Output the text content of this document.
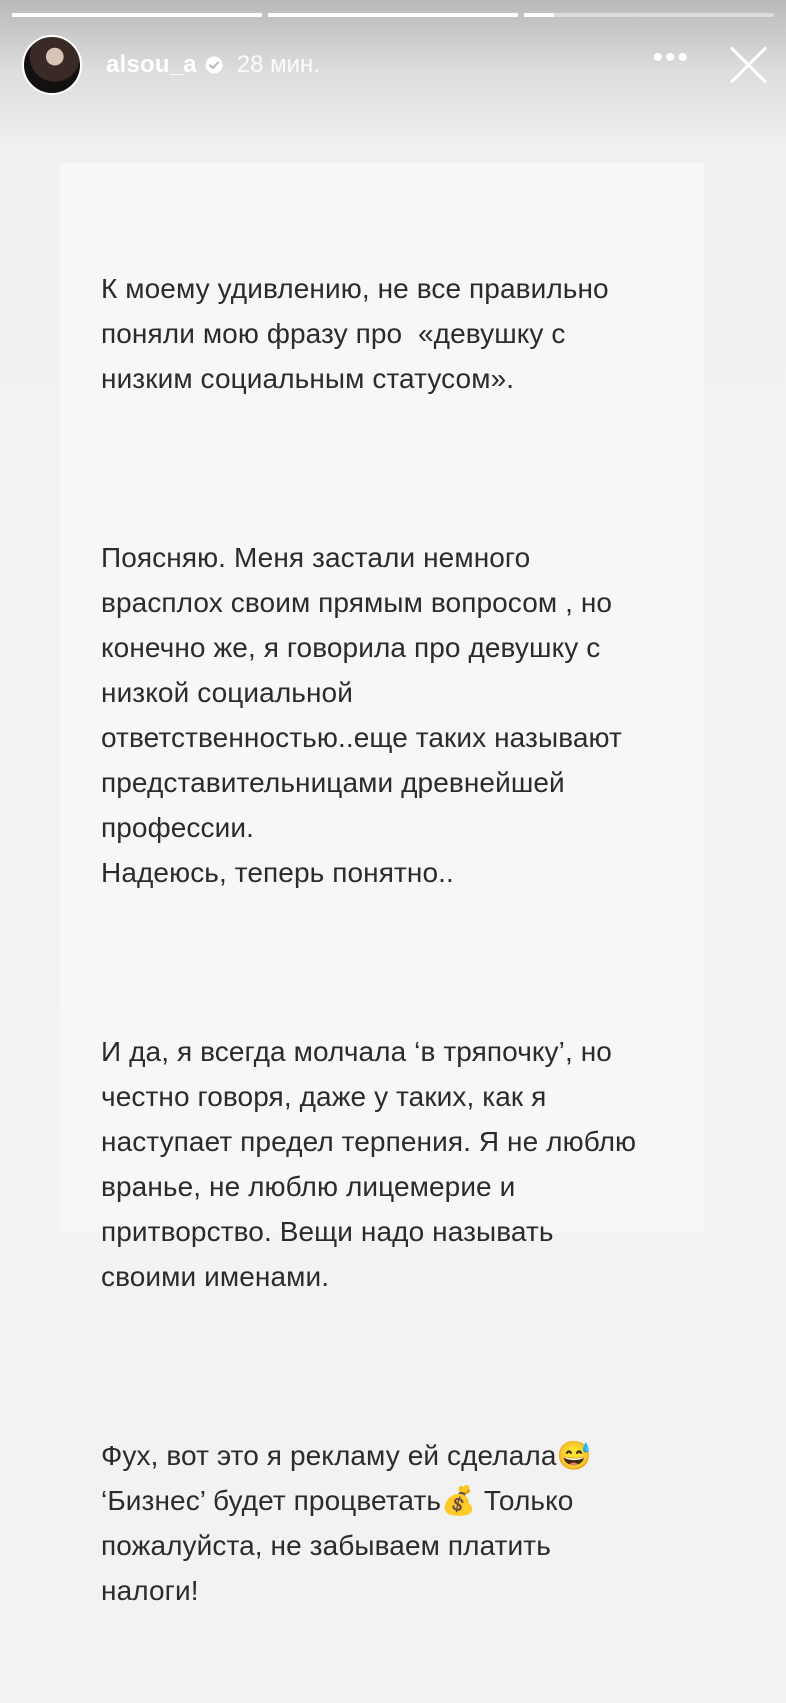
alsou_a 28 мин.	•••

К моему удивлению, не все правильно
поняли мою фразу про  «девушку с
низким социальным статусом».

Поясняю. Меня застали немного
врасплох своим прямым вопросом , но
конечно же, я говорила про девушку с
низкой социальной
ответственностью..еще таких называют
представительницами древнейшей
профессии.
Надеюсь, теперь понятно..

И да, я всегда молчала ‘в тряпочку’, но
честно говоря, даже у таких, как я
наступает предел терпения. Я не люблю
вранье, не люблю лицемерие и
притворство. Вещи надо называть
своими именами.

Фух, вот это я рекламу ей сделала😅
‘Бизнес’ будет процветать💰 Только
пожалуйста, не забываем платить
налоги!
